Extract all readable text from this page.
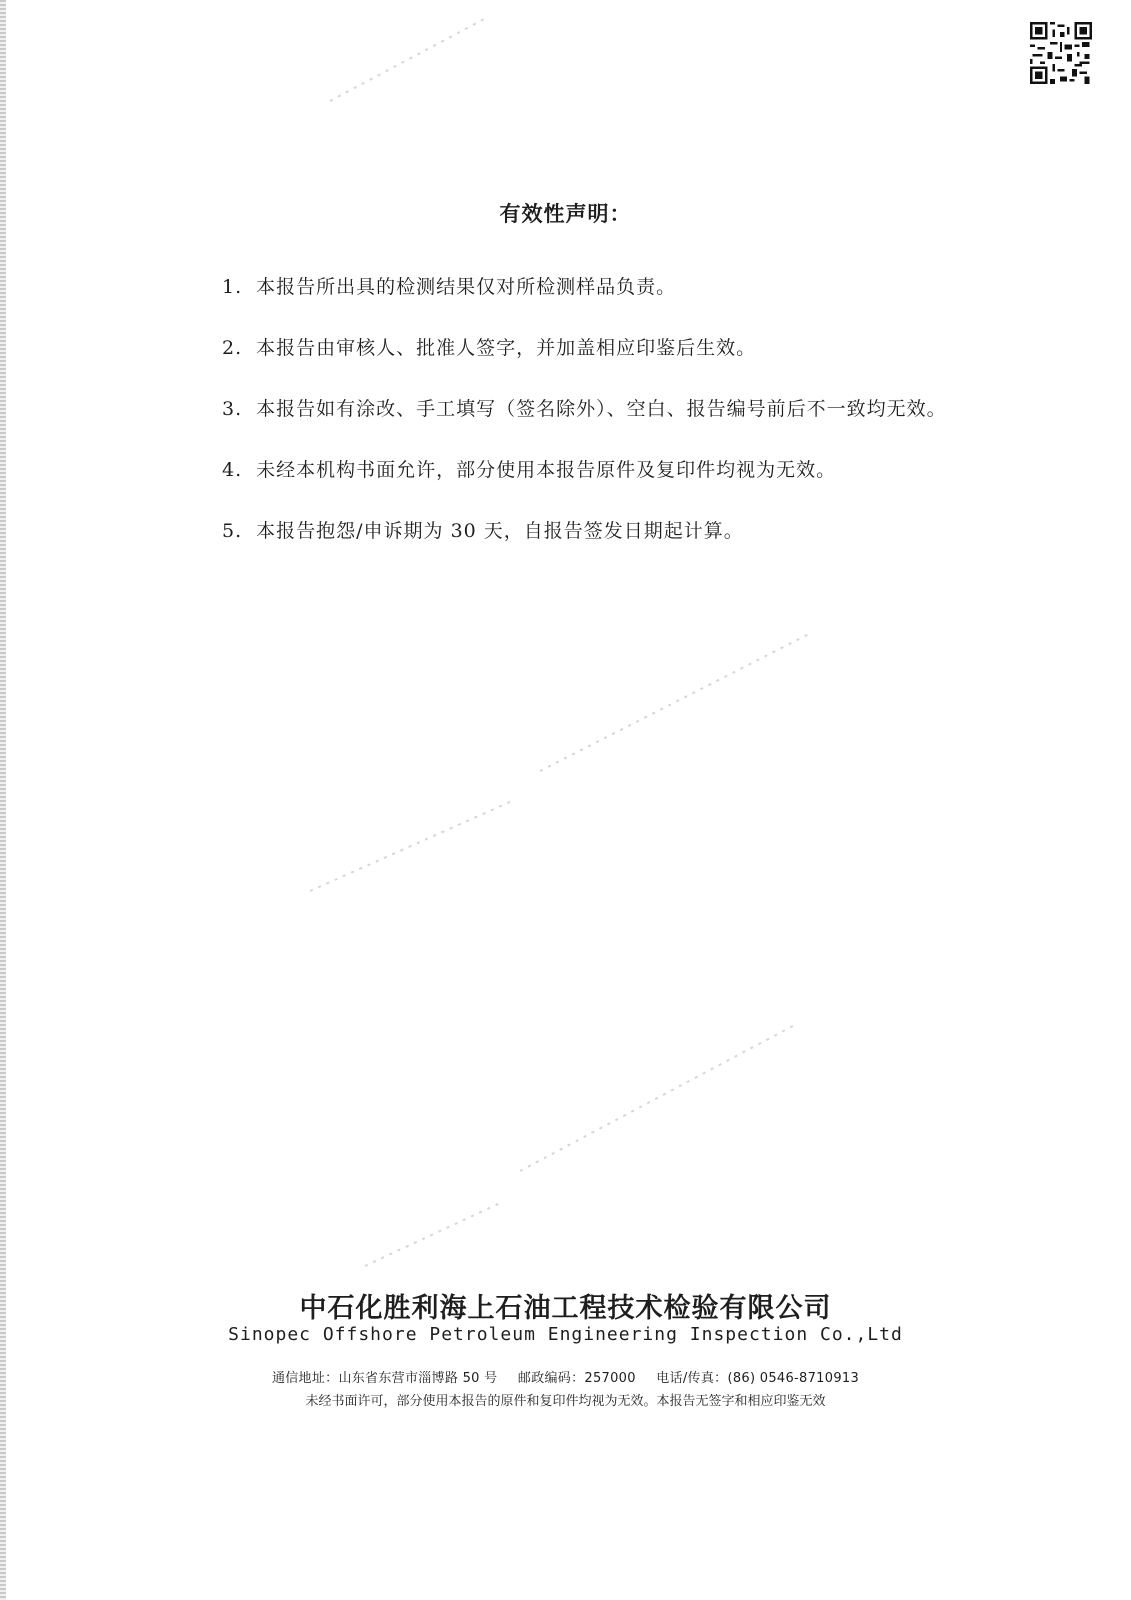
有效性声明：
1. 本报告所出具的检测结果仅对所检测样品负责。
2. 本报告由审核人、批准人签字，并加盖相应印鉴后生效。
3. 本报告如有涂改、手工填写（签名除外）、空白、报告编号前后不一致均无效。
4. 未经本机构书面允许，部分使用本报告原件及复印件均视为无效。
5. 本报告抱怨/申诉期为 30 天，自报告签发日期起计算。
中石化胜利海上石油工程技术检验有限公司
Sinopec Offshore Petroleum Engineering Inspection Co.,Ltd
通信地址：山东省东营市淄博路 50 号 邮政编码：257000 电话/传真：(86) 0546-8710913
未经书面许可，部分使用本报告的原件和复印件均视为无效。本报告无签字和相应印鉴无效
